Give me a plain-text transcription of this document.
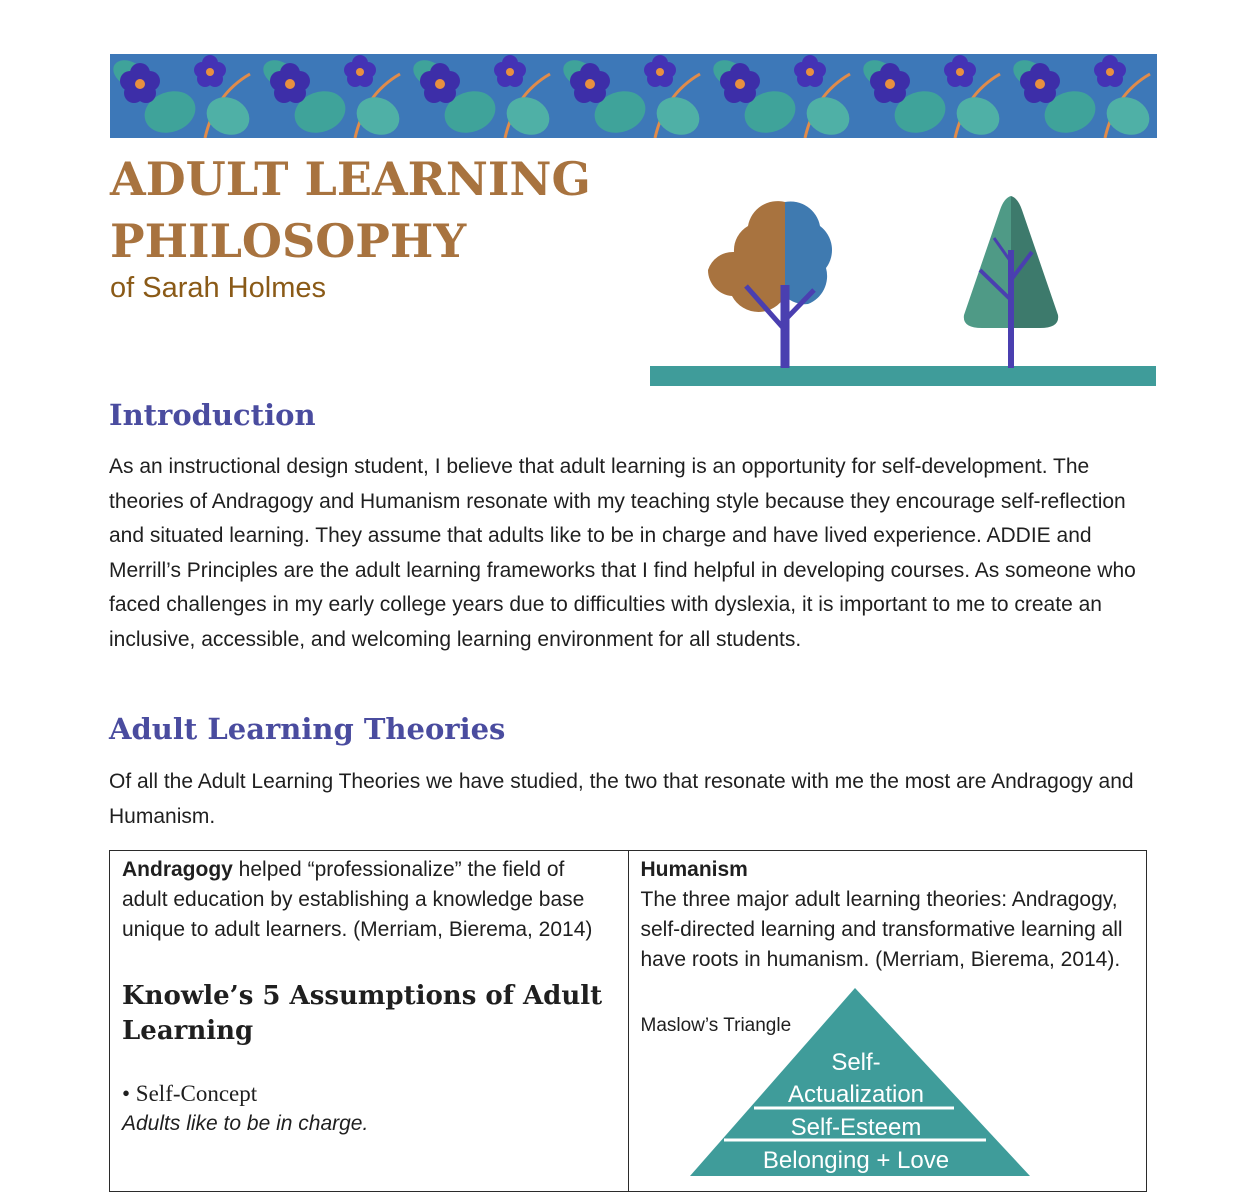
ADULT LEARNING
PHILOSOPHY
of Sarah Holmes
Introduction

As an instructional design student, I believe that adult learning is an opportunity for self-development. The theories of Andragogy and Humanism resonate with my teaching style because they encourage self-reflection and situated learning. They assume that adults like to be in charge and have lived experience. ADDIE and Merrill’s Principles are the adult learning frameworks that I find helpful in developing courses. As someone who faced challenges in my early college years due to difficulties with dyslexia, it is important to me to create an inclusive, accessible, and welcoming learning environment for all students.

Adult Learning Theories

Of all the Adult Learning Theories we have studied, the two that resonate with me the most are Andragogy and Humanism.

Andragogy helped “professionalize” the field of adult education by establishing a knowledge base unique to adult learners. (Merriam, Bierema, 2014)
Knowle’s 5 Assumptions of Adult Learning
• Self-Concept
Adults like to be in charge.

Humanism
The three major adult learning theories: Andragogy, self-directed learning and transformative learning all have roots in humanism. (Merriam, Bierema, 2014).
Maslow’s Triangle
Self-
Actualization
Self-Esteem
Belonging + Love
